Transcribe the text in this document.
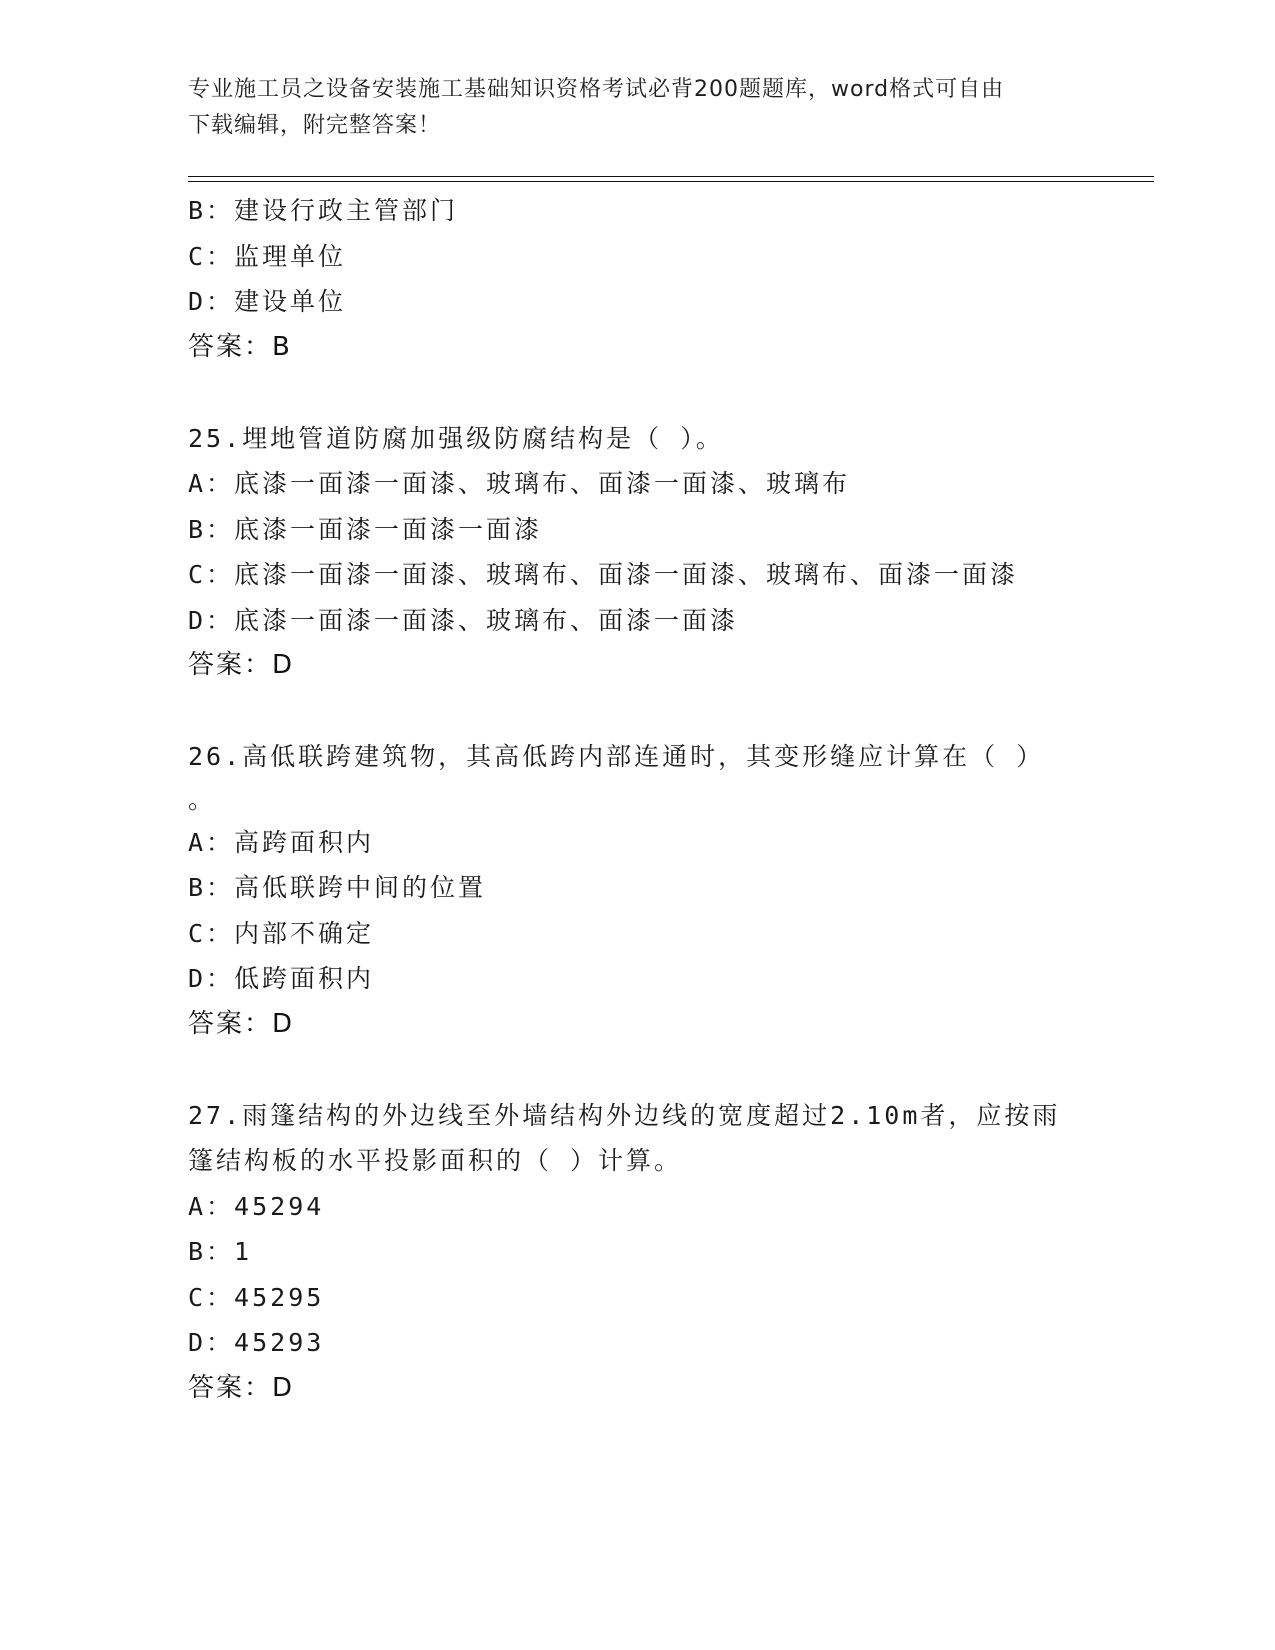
专业施工员之设备安装施工基础知识资格考试必背200题题库，word格式可自由
下载编辑，附完整答案！
B：建设行政主管部门
C：监理单位
D：建设单位
答案：B
25.埋地管道防腐加强级防腐结构是（ ）。
A：底漆一面漆一面漆、玻璃布、面漆一面漆、玻璃布
B：底漆一面漆一面漆一面漆
C：底漆一面漆一面漆、玻璃布、面漆一面漆、玻璃布、面漆一面漆
D：底漆一面漆一面漆、玻璃布、面漆一面漆
答案：D
26.高低联跨建筑物，其高低跨内部连通时，其变形缝应计算在（ ）
。
A：高跨面积内
B：高低联跨中间的位置
C：内部不确定
D：低跨面积内
答案：D
27.雨篷结构的外边线至外墙结构外边线的宽度超过2.10m者，应按雨
篷结构板的水平投影面积的（ ）计算。
A：45294
B：1
C：45295
D：45293
答案：D
